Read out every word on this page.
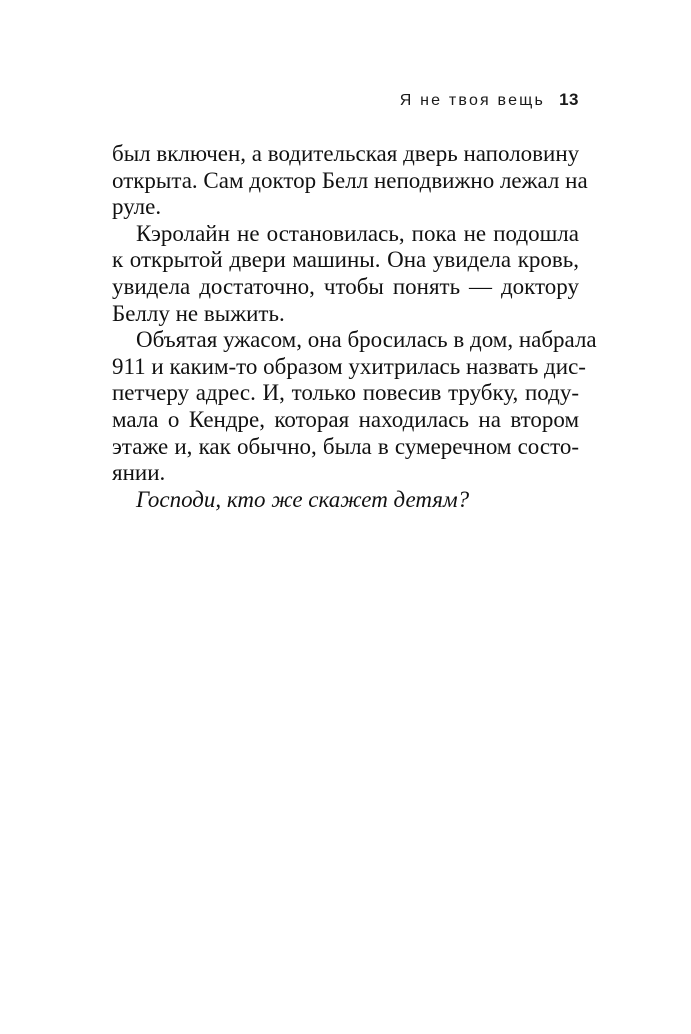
Я не твоя вещь 13
был включен, а водительская дверь наполовину
открыта. Сам доктор Белл неподвижно лежал на
руле.
Кэролайн не остановилась, пока не подошла
к открытой двери машины. Она увидела кровь,
увидела достаточно, чтобы понять — доктору
Беллу не выжить.
Объятая ужасом, она бросилась в дом, набрала
911 и каким-то образом ухитрилась назвать дис-
петчеру адрес. И, только повесив трубку, поду-
мала о Кендре, которая находилась на втором
этаже и, как обычно, была в сумеречном состо-
янии.
Господи, кто же скажет детям?
